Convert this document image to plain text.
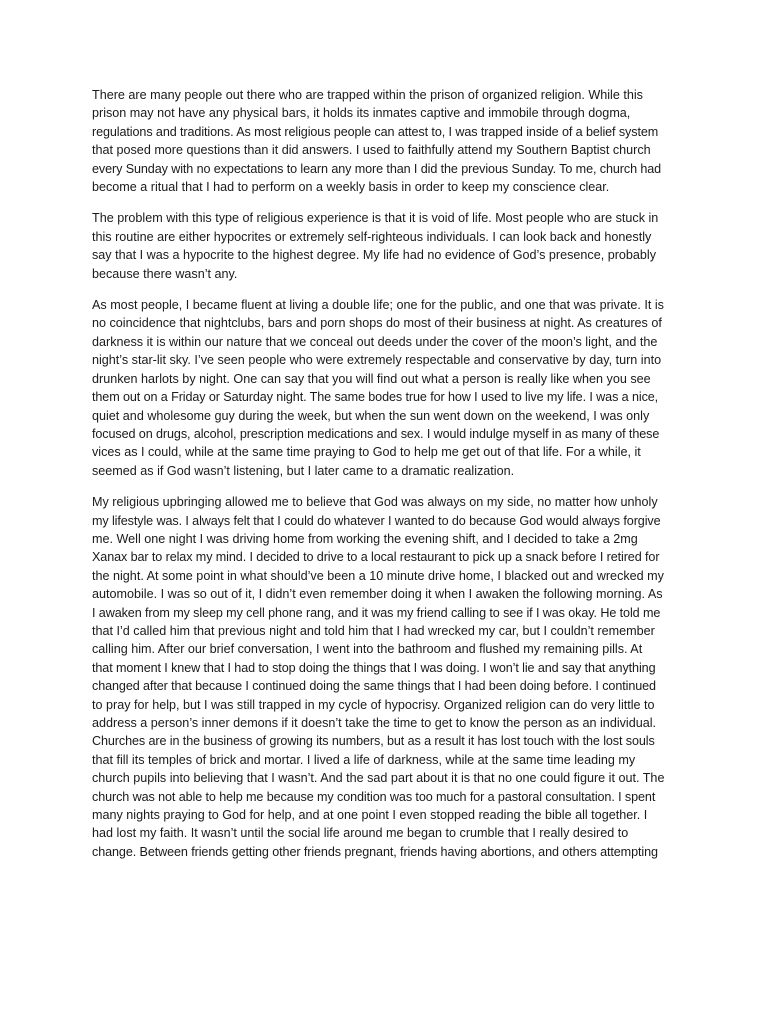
There are many people out there who are trapped within the prison of organized religion. While this
prison may not have any physical bars, it holds its inmates captive and immobile through dogma,
regulations and traditions. As most religious people can attest to, I was trapped inside of a belief system
that posed more questions than it did answers. I used to faithfully attend my Southern Baptist church
every Sunday with no expectations to learn any more than I did the previous Sunday. To me, church had
become a ritual that I had to perform on a weekly basis in order to keep my conscience clear.
The problem with this type of religious experience is that it is void of life. Most people who are stuck in
this routine are either hypocrites or extremely self-righteous individuals. I can look back and honestly
say that I was a hypocrite to the highest degree. My life had no evidence of God’s presence, probably
because there wasn’t any.
As most people, I became fluent at living a double life; one for the public, and one that was private. It is
no coincidence that nightclubs, bars and porn shops do most of their business at night. As creatures of
darkness it is within our nature that we conceal out deeds under the cover of the moon’s light, and the
night’s star-lit sky. I’ve seen people who were extremely respectable and conservative by day, turn into
drunken harlots by night. One can say that you will find out what a person is really like when you see
them out on a Friday or Saturday night. The same bodes true for how I used to live my life. I was a nice,
quiet and wholesome guy during the week, but when the sun went down on the weekend, I was only
focused on drugs, alcohol, prescription medications and sex. I would indulge myself in as many of these
vices as I could, while at the same time praying to God to help me get out of that life. For a while, it
seemed as if God wasn’t listening, but I later came to a dramatic realization.
My religious upbringing allowed me to believe that God was always on my side, no matter how unholy
my lifestyle was. I always felt that I could do whatever I wanted to do because God would always forgive
me. Well one night I was driving home from working the evening shift, and I decided to take a 2mg
Xanax bar to relax my mind. I decided to drive to a local restaurant to pick up a snack before I retired for
the night. At some point in what should’ve been a 10 minute drive home, I blacked out and wrecked my
automobile. I was so out of it, I didn’t even remember doing it when I awaken the following morning. As
I awaken from my sleep my cell phone rang, and it was my friend calling to see if I was okay. He told me
that I’d called him that previous night and told him that I had wrecked my car, but I couldn’t remember
calling him. After our brief conversation, I went into the bathroom and flushed my remaining pills. At
that moment I knew that I had to stop doing the things that I was doing. I won’t lie and say that anything
changed after that because I continued doing the same things that I had been doing before. I continued
to pray for help, but I was still trapped in my cycle of hypocrisy. Organized religion can do very little to
address a person’s inner demons if it doesn’t take the time to get to know the person as an individual.
Churches are in the business of growing its numbers, but as a result it has lost touch with the lost souls
that fill its temples of brick and mortar. I lived a life of darkness, while at the same time leading my
church pupils into believing that I wasn’t. And the sad part about it is that no one could figure it out. The
church was not able to help me because my condition was too much for a pastoral consultation. I spent
many nights praying to God for help, and at one point I even stopped reading the bible all together. I
had lost my faith. It wasn’t until the social life around me began to crumble that I really desired to
change. Between friends getting other friends pregnant, friends having abortions, and others attempting
